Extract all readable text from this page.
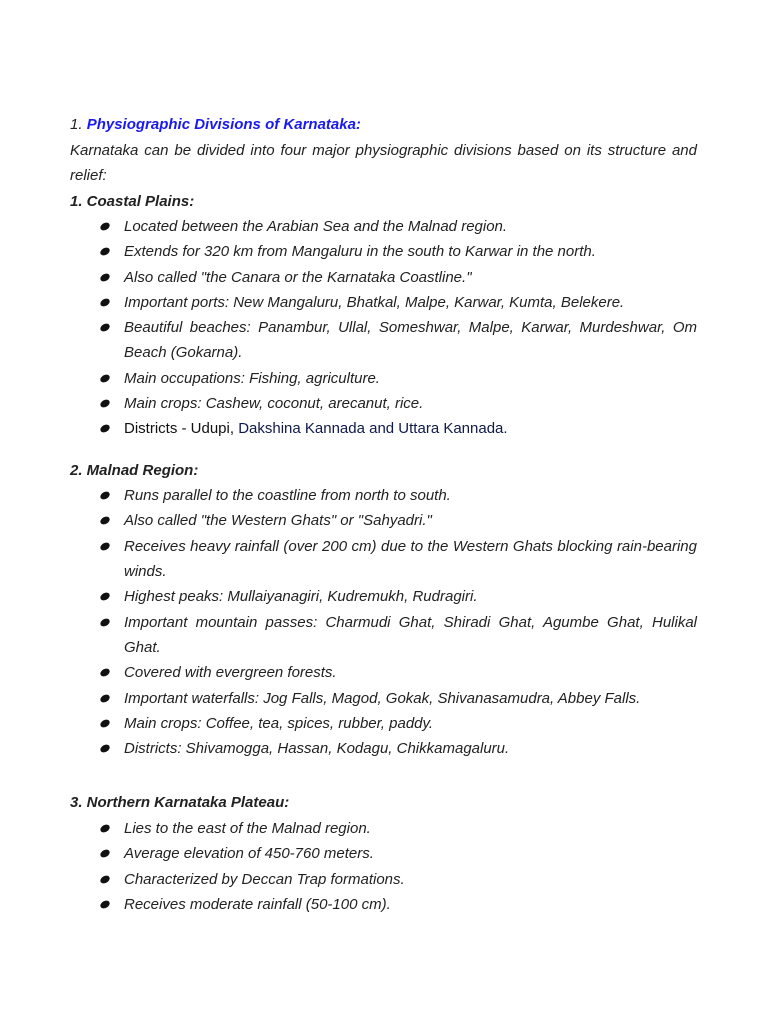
1. Physiographic Divisions of Karnataka:
Karnataka can be divided into four major physiographic divisions based on its structure and relief:
1. Coastal Plains:
Located between the Arabian Sea and the Malnad region.
Extends for 320 km from Mangaluru in the south to Karwar in the north.
Also called "the Canara or the Karnataka Coastline."
Important ports: New Mangaluru, Bhatkal, Malpe, Karwar, Kumta, Belekere.
Beautiful beaches: Panambur, Ullal, Someshwar, Malpe, Karwar, Murdeshwar, Om Beach (Gokarna).
Main occupations: Fishing, agriculture.
Main crops: Cashew, coconut, arecanut, rice.
Districts - Udupi, Dakshina Kannada and Uttara Kannada.
2. Malnad Region:
Runs parallel to the coastline from north to south.
Also called "the Western Ghats" or "Sahyadri."
Receives heavy rainfall (over 200 cm) due to the Western Ghats blocking rain-bearing winds.
Highest peaks: Mullaiyanagiri, Kudremukh, Rudragiri.
Important mountain passes: Charmudi Ghat, Shiradi Ghat, Agumbe Ghat, Hulikal Ghat.
Covered with evergreen forests.
Important waterfalls: Jog Falls, Magod, Gokak, Shivanasamudra, Abbey Falls.
Main crops: Coffee, tea, spices, rubber, paddy.
Districts: Shivamogga, Hassan, Kodagu, Chikkamagaluru.
3. Northern Karnataka Plateau:
Lies to the east of the Malnad region.
Average elevation of 450-760 meters.
Characterized by Deccan Trap formations.
Receives moderate rainfall (50-100 cm).
